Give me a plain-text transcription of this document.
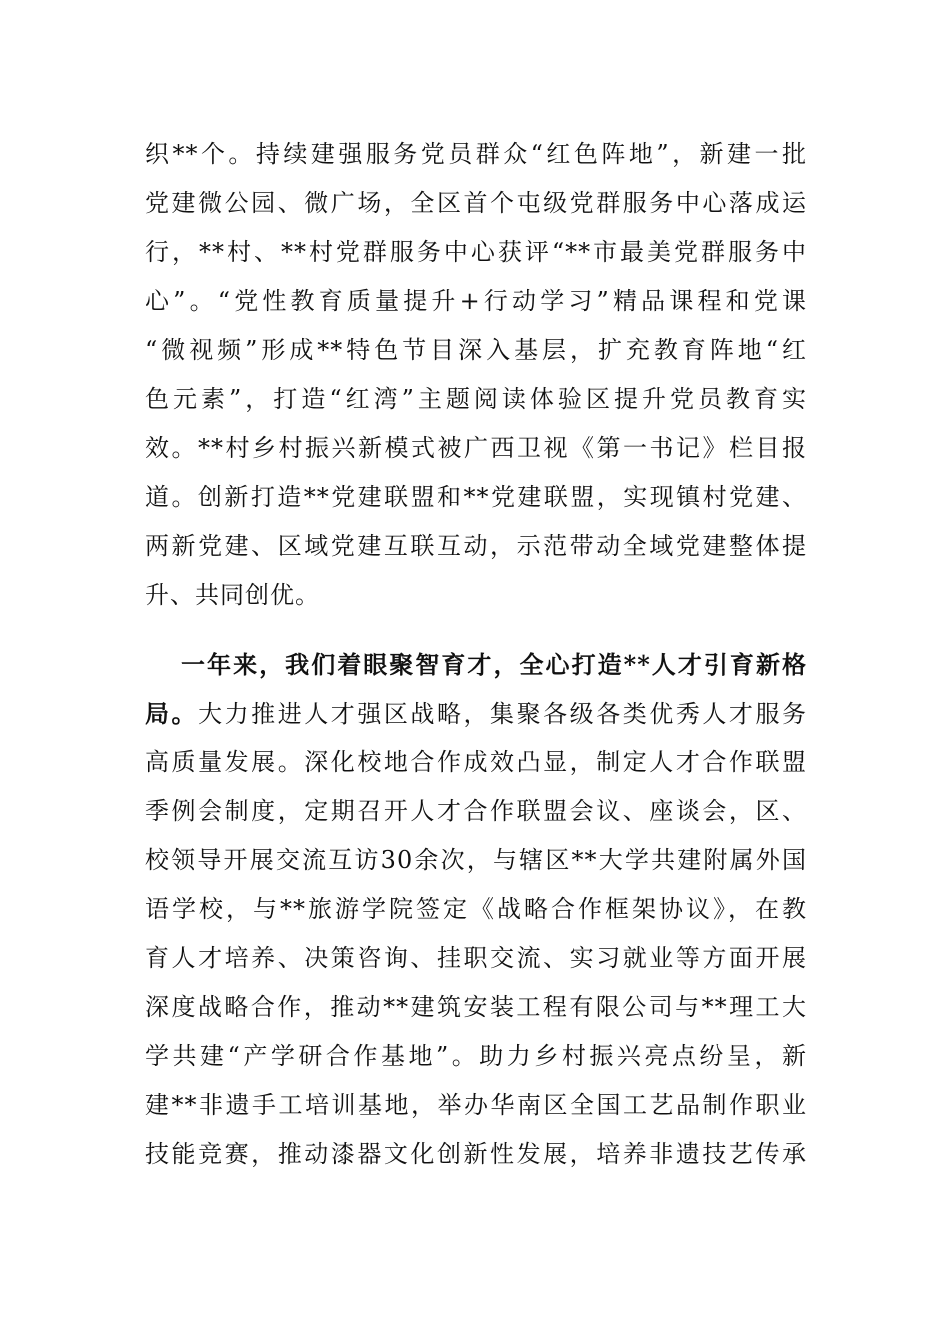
织**个。持续建强服务党员群众“红色阵地”，新建一批
党建微公园、微广场，全区首个屯级党群服务中心落成运
行，**村、**村党群服务中心获评“**市最美党群服务中
心”。“党性教育质量提升+行动学习”精品课程和党课
“微视频”形成**特色节目深入基层，扩充教育阵地“红
色元素”，打造“红湾”主题阅读体验区提升党员教育实
效。**村乡村振兴新模式被广西卫视《第一书记》栏目报
道。创新打造**党建联盟和**党建联盟，实现镇村党建、
两新党建、区域党建互联互动，示范带动全域党建整体提
升、共同创优。
一年来，我们着眼聚智育才，全心打造**人才引育新格
局。大力推进人才强区战略，集聚各级各类优秀人才服务
高质量发展。深化校地合作成效凸显，制定人才合作联盟
季例会制度，定期召开人才合作联盟会议、座谈会，区、
校领导开展交流互访30余次，与辖区**大学共建附属外国
语学校，与**旅游学院签定《战略合作框架协议》，在教
育人才培养、决策咨询、挂职交流、实习就业等方面开展
深度战略合作，推动**建筑安装工程有限公司与**理工大
学共建“产学研合作基地”。助力乡村振兴亮点纷呈，新
建**非遗手工培训基地，举办华南区全国工艺品制作职业
技能竞赛，推动漆器文化创新性发展，培养非遗技艺传承
